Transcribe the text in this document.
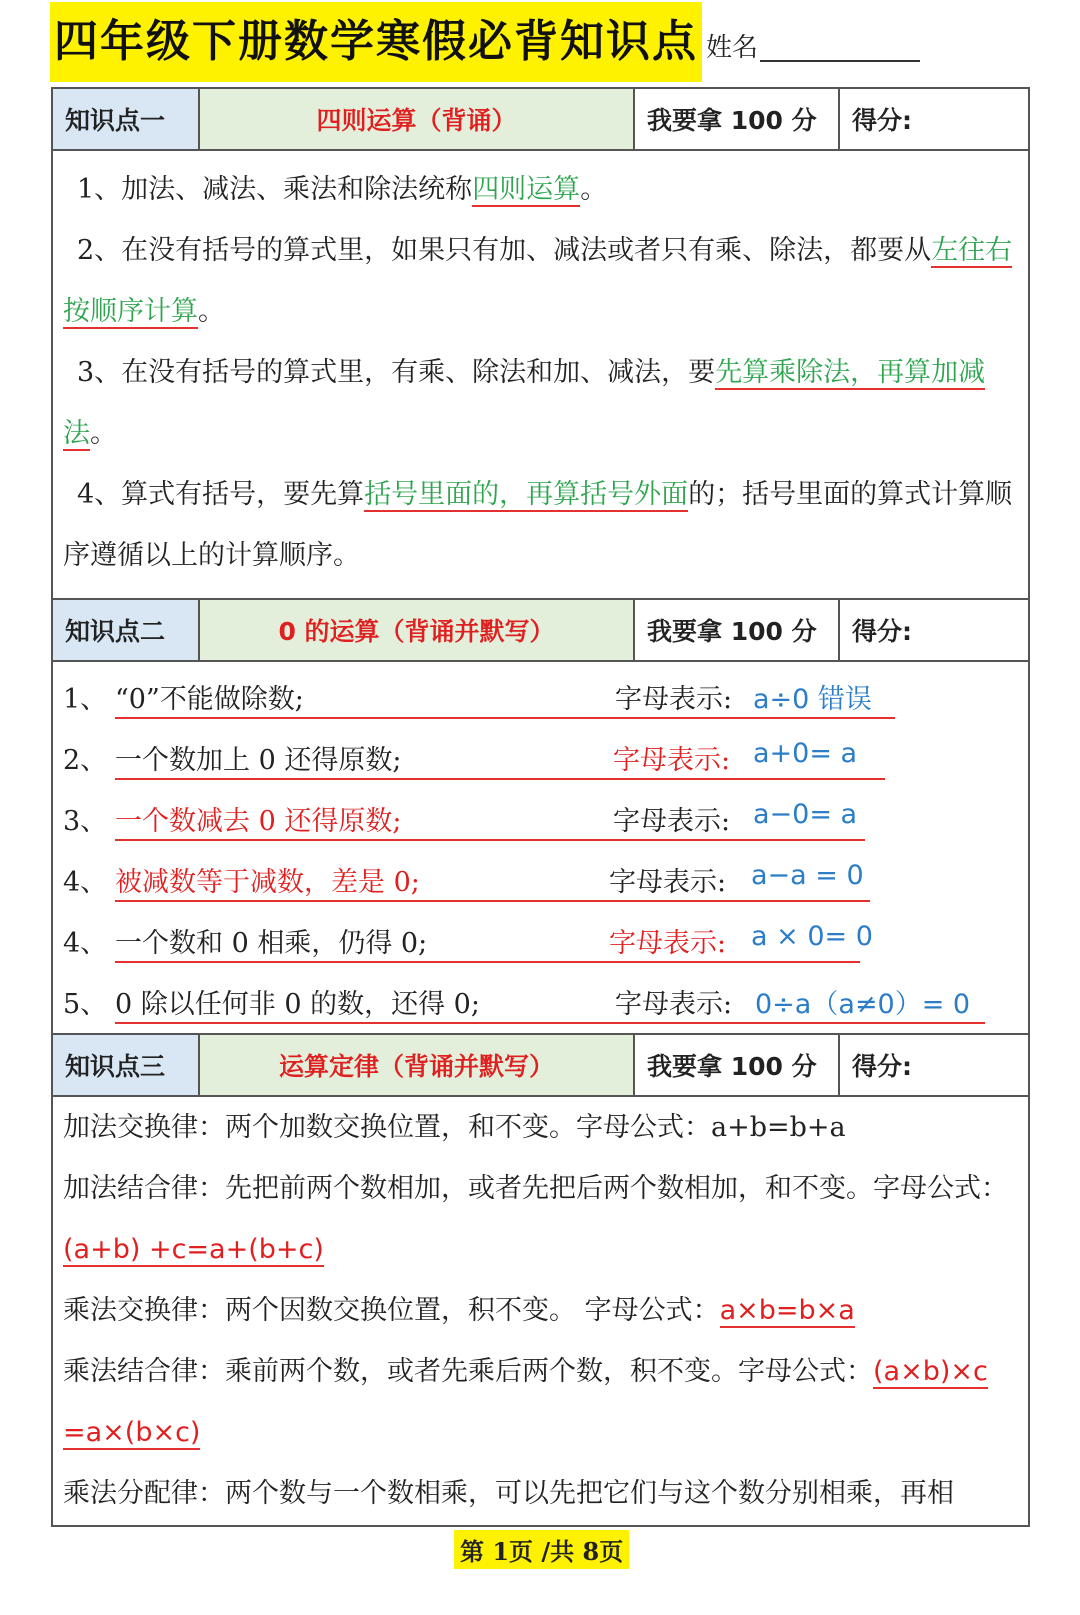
四年级下册数学寒假必背知识点 姓名
知识点一	四则运算 （背诵）	我要拿 100 分	得分:

1、加法、减法、乘法和除法统称四则运算。

2、在没有括号的算式里，如果只有加、减法或者只有乘、除法，都要从左往右按顺序计算。

3、在没有括号的算式里，有乘、除法和加、减法，要先算乘除法，再算加减法。

4、算式有括号，要先算括号里面的，再算括号外面的；括号里面的算式计算顺序遵循以上的计算顺序。

知识点二	0 的运算 （背诵并默写）	我要拿 100 分	得分:
1、 “0”不能做除数;	字母表示: a÷0 错误
2、 一个数加上 0 还得原数;	字母表示: a+0= a
3、 一个数减去 0 还得原数;	字母表示: a−0= a
4、 被减数等于减数，差是 0;	字母表示: a−a = 0
4、 一个数和 0 相乘，仍得 0;	字母表示: a × 0= 0
5、 0 除以任何非 0 的数，还得 0;	字母表示: 0÷a（a≠0）= 0
知识点三	运算定律 （背诵并默写）	我要拿 100 分	得分:

加法交换律：两个加数交换位置，和不变。字母公式：a+b=b+a

加法结合律：先把前两个数相加，或者先把后两个数相加，和不变。字母公式：(a+b) +c=a+(b+c)

乘法交换律：两个因数交换位置，积不变。 字母公式：a×b=b×a

乘法结合律：乘前两个数，或者先乘后两个数，积不变。字母公式：(a×b)×c =a×(b×c)

乘法分配律：两个数与一个数相乘，可以先把它们与这个数分别相乘，再相

第 1页 /共 8页
